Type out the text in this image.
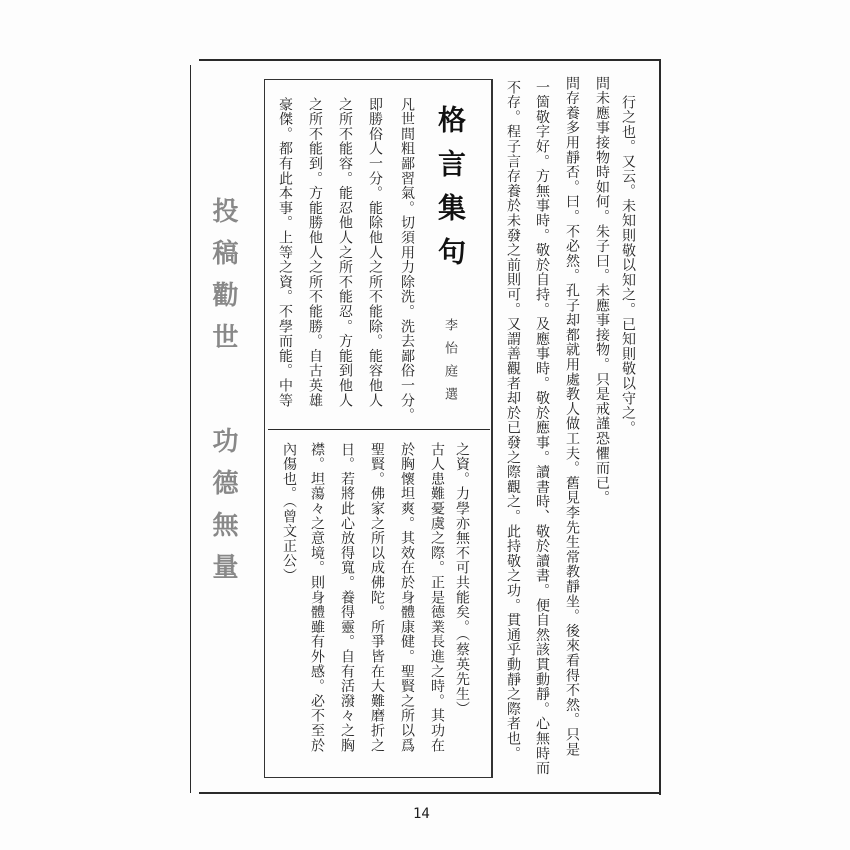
行之也。又云。未知則敬以知之。已知則敬以守之。
問未應事接物時如何。朱子曰。未應事接物。只是戒謹恐懼而已。
問存養多用靜否。曰。不必然。孔子却都就用處教人做工夫。舊見李先生常教靜坐。後來看得不然。只是
一箇敬字好。方無事時。敬於自持。及應事時。敬於應事。讀書時、敬於讀書。便自然該貫動靜。心無時而
不存。程子言存養於未發之前則可。又謂善觀者却於已發之際觀之。此持敬之功。貫通乎動靜之際者也。
格言集句
李怡庭選
凡世間粗鄙習氣。切須用力除洗。洗去鄙俗一分。
即勝俗人一分。能除他人之所不能除。能容他人
之所不能容。能忍他人之所不能忍。方能到他人
之所不能到。方能勝他人之所不能勝。自古英雄
豪傑。都有此本事。上等之資。不學而能。中等
之資。力學亦無不可共能矣。（蔡英先生）
古人患難憂虞之際。正是德業長進之時。其功在
於胸懷坦爽。其效在於身體康健。聖賢之所以爲
聖賢。佛家之所以成佛陀。所爭皆在大難磨折之
日。若將此心放得寬。養得靈。自有活潑々之胸
襟。坦蕩々之意境。則身體雖有外感。必不至於
內傷也。（曾文正公）
投稿勸世
功德無量
14
